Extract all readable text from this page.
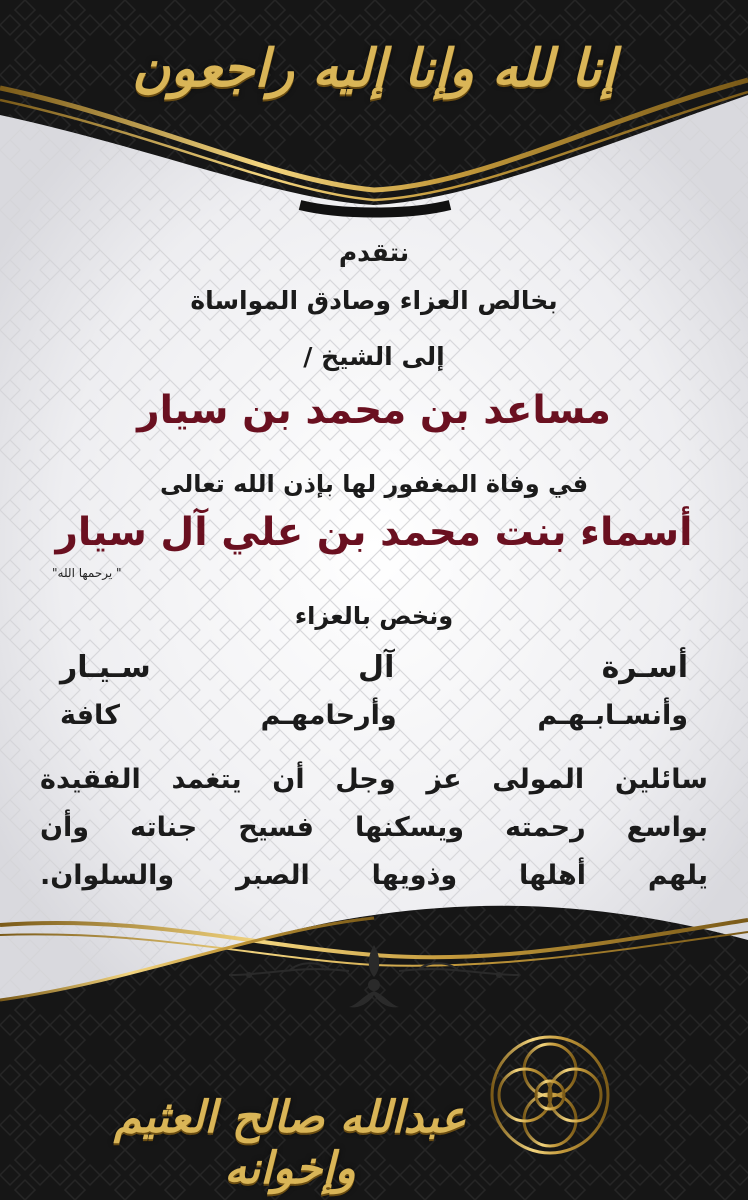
إنا لله وإنا إليه راجعون
نتقدم
بخالص العزاء وصادق المواساة
إلى الشيخ /
مساعد بن محمد بن سيار
في وفاة المغفور لها بإذن الله تعالى
أسماء بنت محمد بن علي آل سيار
" يرحمها الله"
ونخص بالعزاء
أسـرة آل سـيـار
وأنسـابـهـم وأرحامهـم كافة
سائلين المولى عز وجل أن يتغمد الفقيدة
بواسع رحمته ويسكنها فسيح جناته وأن
يلهم أهلها وذويها الصبر والسلوان.
عبدالله صالح العثيم وإخوانه
